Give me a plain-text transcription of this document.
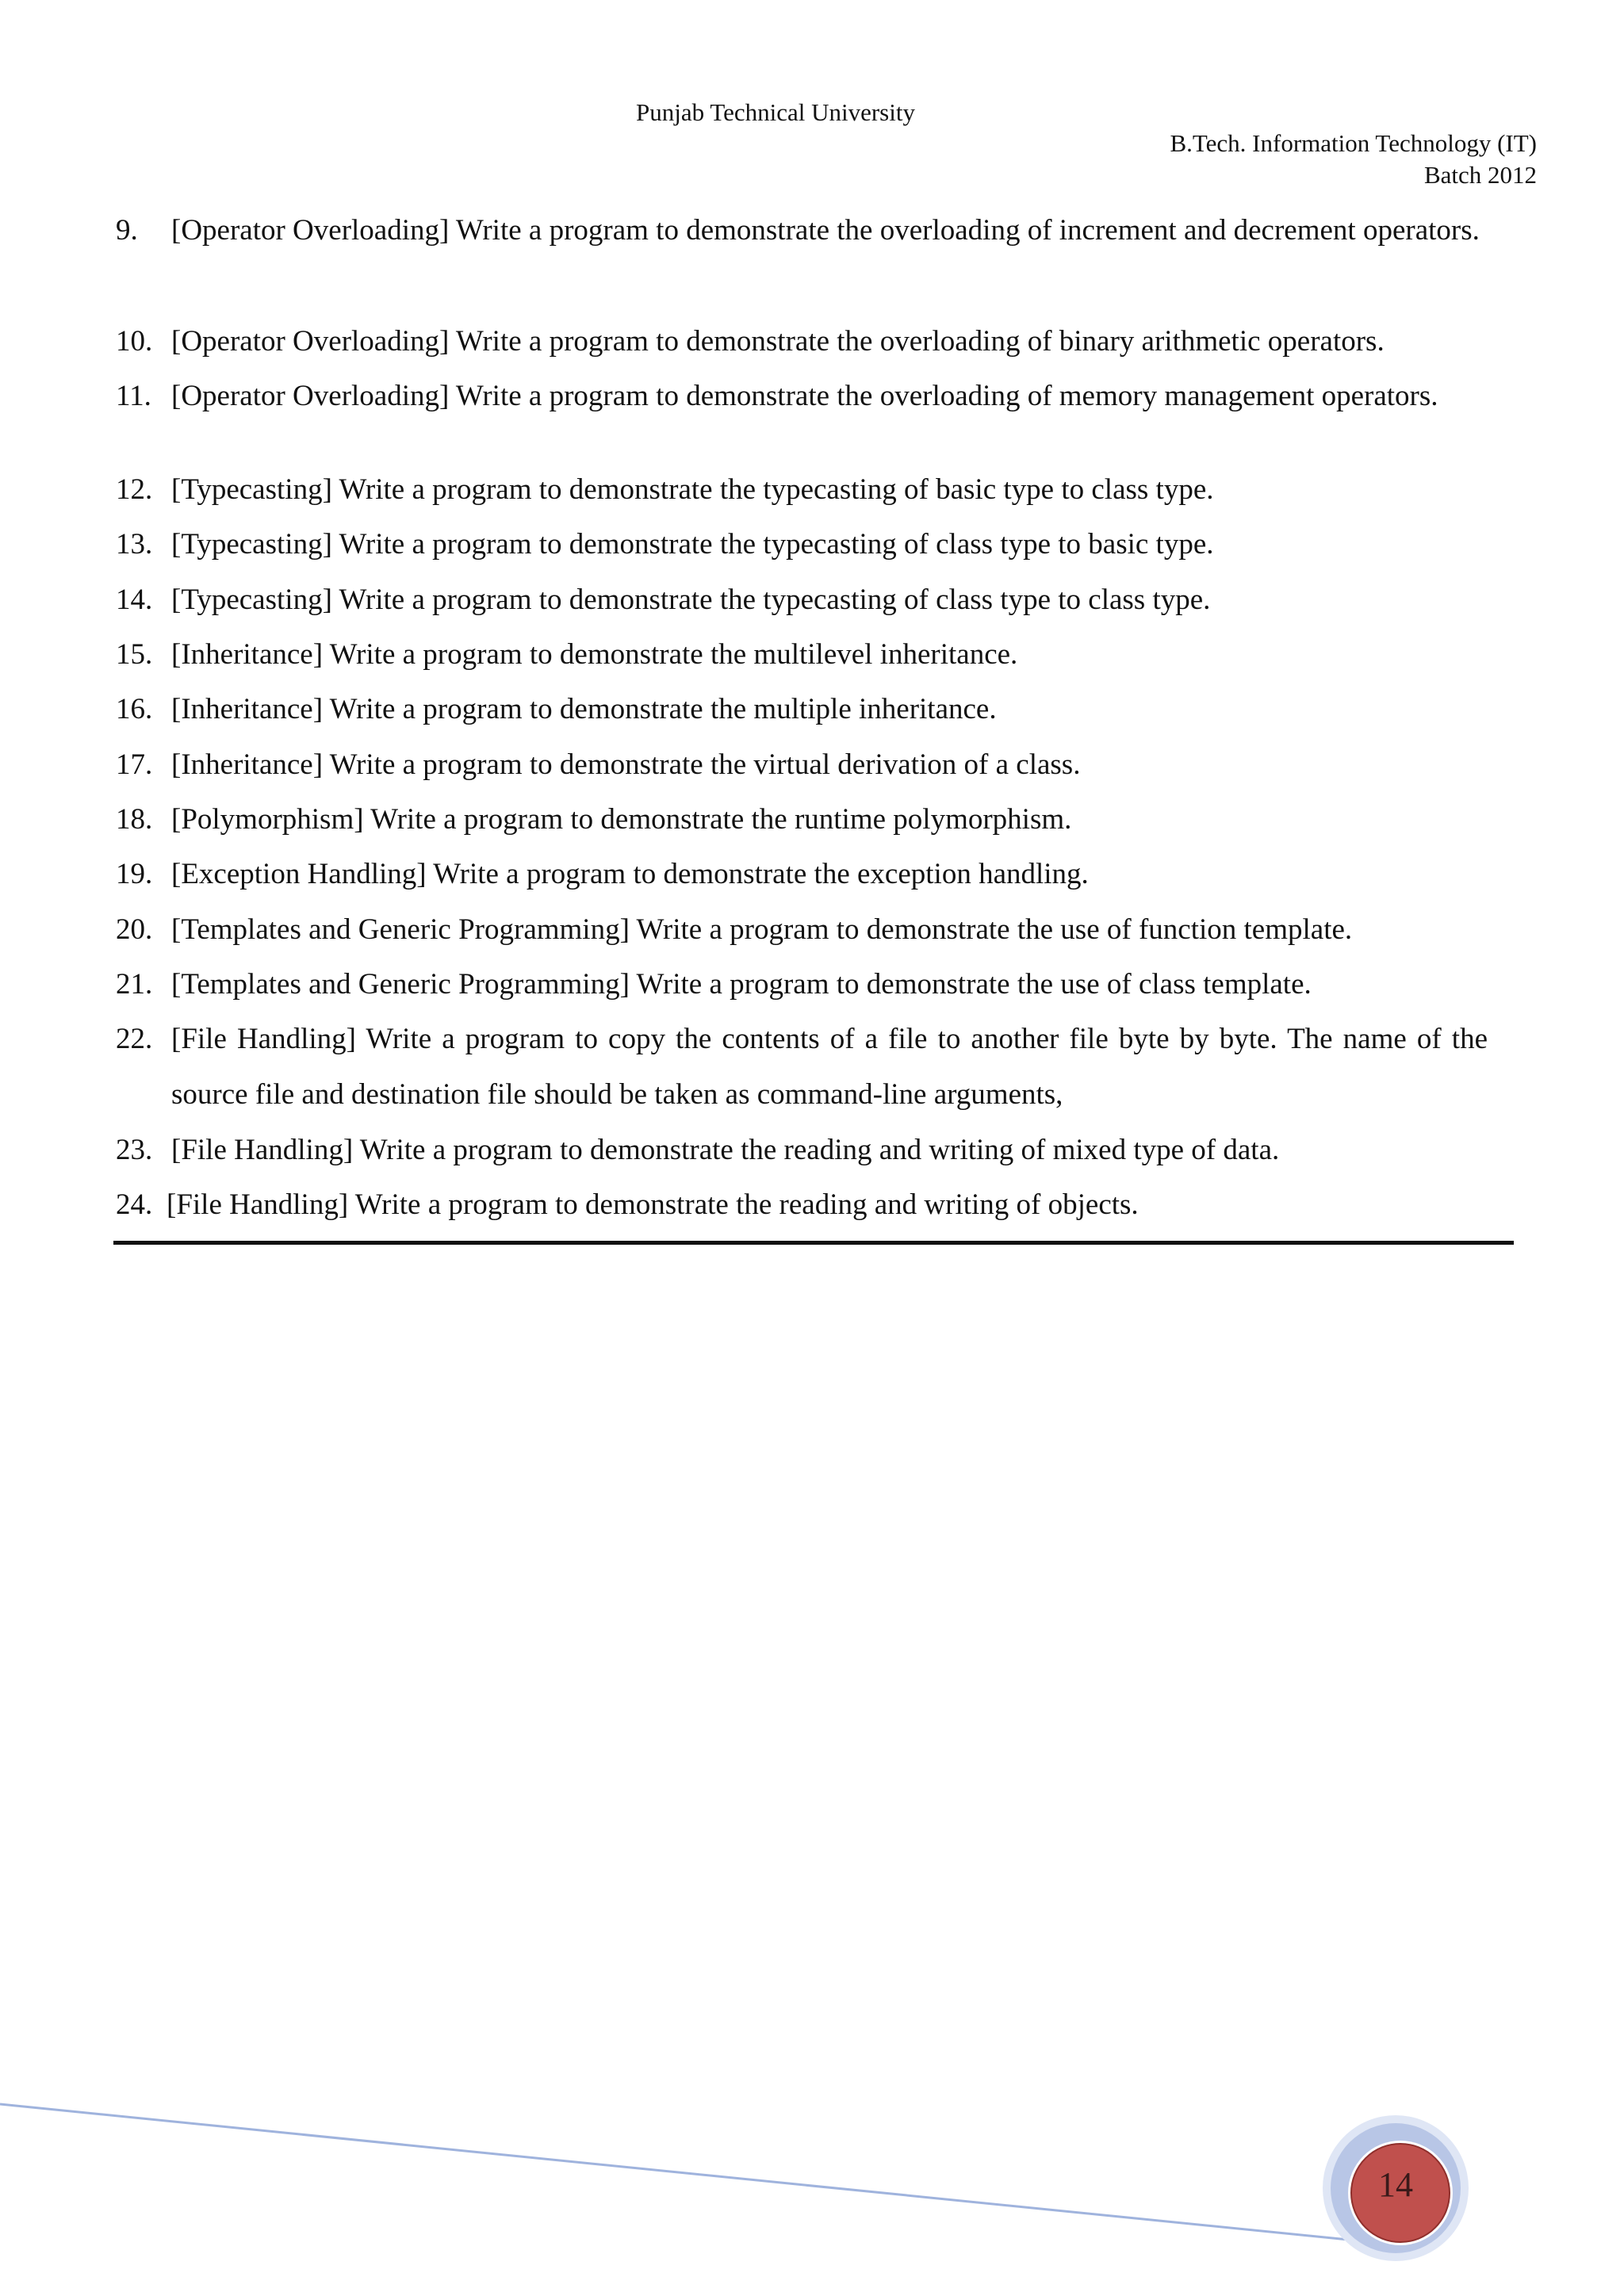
Punjab Technical University
B.Tech. Information Technology (IT)
Batch 2012
9. [Operator Overloading] Write a program to demonstrate the overloading of increment and decrement operators.
10. [Operator Overloading] Write a program to demonstrate the overloading of binary arithmetic operators.
11. [Operator Overloading] Write a program to demonstrate the overloading of memory management operators.
12. [Typecasting] Write a program to demonstrate the typecasting of basic type to class type.
13. [Typecasting] Write a program to demonstrate the typecasting of class type to basic type.
14. [Typecasting] Write a program to demonstrate the typecasting of class type to class type.
15. [Inheritance] Write a program to demonstrate the multilevel inheritance.
16. [Inheritance] Write a program to demonstrate the multiple inheritance.
17. [Inheritance] Write a program to demonstrate the virtual derivation of a class.
18. [Polymorphism] Write a program to demonstrate the runtime polymorphism.
19. [Exception Handling] Write a program to demonstrate the exception handling.
20. [Templates and Generic Programming] Write a program to demonstrate the use of function template.
21. [Templates and Generic Programming] Write a program to demonstrate the use of class template.
22. [File Handling] Write a program to copy the contents of a file to another file byte by byte. The name of the source file and destination file should be taken as command-line arguments,
23. [File Handling] Write a program to demonstrate the reading and writing of mixed type of data.
24. [File Handling] Write a program to demonstrate the reading and writing of objects.
14
